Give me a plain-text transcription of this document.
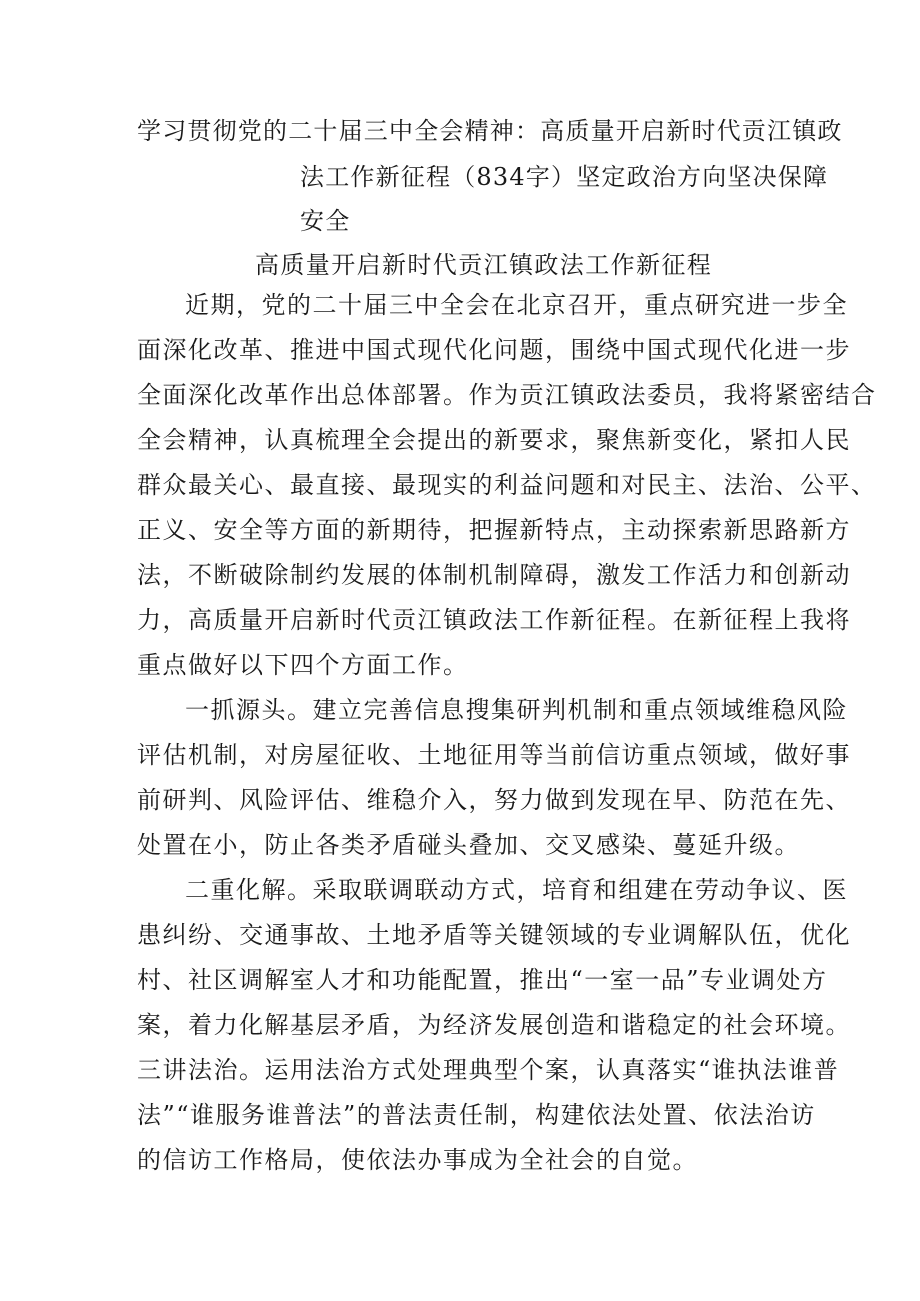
学习贯彻党的二十届三中全会精神：高质量开启新时代贡江镇政
法工作新征程（834字）坚定政治方向坚决保障
安全
高质量开启新时代贡江镇政法工作新征程
近期，党的二十届三中全会在北京召开，重点研究进一步全
面深化改革、推进中国式现代化问题，围绕中国式现代化进一步
全面深化改革作出总体部署。作为贡江镇政法委员，我将紧密结合
全会精神，认真梳理全会提出的新要求，聚焦新变化，紧扣人民
群众最关心、最直接、最现实的利益问题和对民主、法治、公平、
正义、安全等方面的新期待，把握新特点，主动探索新思路新方
法，不断破除制约发展的体制机制障碍，激发工作活力和创新动
力，高质量开启新时代贡江镇政法工作新征程。在新征程上我将
重点做好以下四个方面工作。
一抓源头。建立完善信息搜集研判机制和重点领域维稳风险
评估机制，对房屋征收、土地征用等当前信访重点领域，做好事
前研判、风险评估、维稳介入，努力做到发现在早、防范在先、
处置在小，防止各类矛盾碰头叠加、交叉感染、蔓延升级。
二重化解。采取联调联动方式，培育和组建在劳动争议、医
患纠纷、交通事故、土地矛盾等关键领域的专业调解队伍，优化
村、社区调解室人才和功能配置，推出“一室一品”专业调处方
案，着力化解基层矛盾，为经济发展创造和谐稳定的社会环境。
三讲法治。运用法治方式处理典型个案，认真落实“谁执法谁普
法”“谁服务谁普法”的普法责任制，构建依法处置、依法治访
的信访工作格局，使依法办事成为全社会的自觉。
